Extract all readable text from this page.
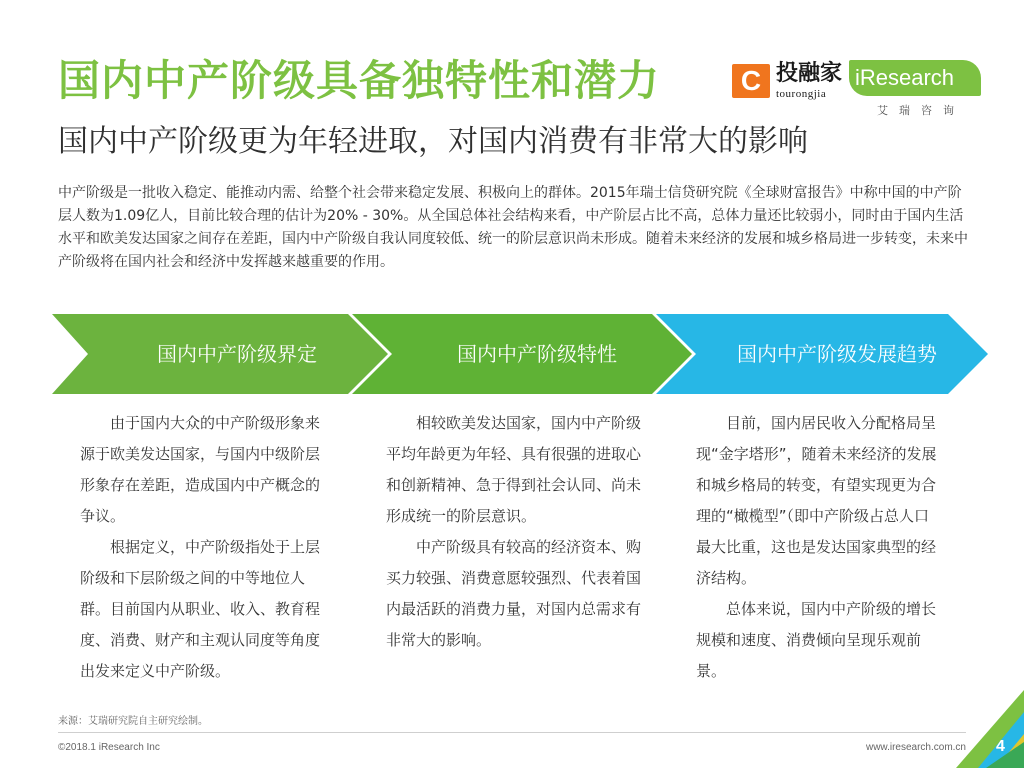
国内中产阶级具备独特性和潜力
国内中产阶级更为年轻进取，对国内消费有非常大的影响
C 投融家
tourongjia
iResearch
艾瑞咨询
中产阶级是一批收入稳定、能推动内需、给整个社会带来稳定发展、积极向上的群体。2015年瑞士信贷研究院《全球财富报告》中称中国的中产阶层人数为1.09亿人，目前比较合理的估计为20% - 30%。从全国总体社会结构来看，中产阶层占比不高，总体力量还比较弱小，同时由于国内生活水平和欧美发达国家之间存在差距，国内中产阶级自我认同度较低、统一的阶层意识尚未形成。随着未来经济的发展和城乡格局进一步转变，未来中产阶级将在国内社会和经济中发挥越来越重要的作用。
国内中产阶级界定	国内中产阶级特性	国内中产阶级发展趋势

由于国内大众的中产阶级形象来源于欧美发达国家，与国内中级阶层形象存在差距，造成国内中产概念的争议。

根据定义，中产阶级指处于上层阶级和下层阶级之间的中等地位人群。目前国内从职业、收入、教育程度、消费、财产和主观认同度等角度出发来定义中产阶级。

相较欧美发达国家，国内中产阶级平均年龄更为年轻、具有很强的进取心和创新精神、急于得到社会认同、尚未形成统一的阶层意识。

中产阶级具有较高的经济资本、购买力较强、消费意愿较强烈、代表着国内最活跃的消费力量，对国内总需求有非常大的影响。

目前，国内居民收入分配格局呈现“金字塔形”，随着未来经济的发展和城乡格局的转变，有望实现更为合理的“橄榄型”（即中产阶级占总人口最大比重，这也是发达国家典型的经济结构。

总体来说，国内中产阶级的增长规模和速度、消费倾向呈现乐观前景。

来源：艾瑞研究院自主研究绘制。
©2018.1 iResearch Inc	www.iresearch.com.cn 4
